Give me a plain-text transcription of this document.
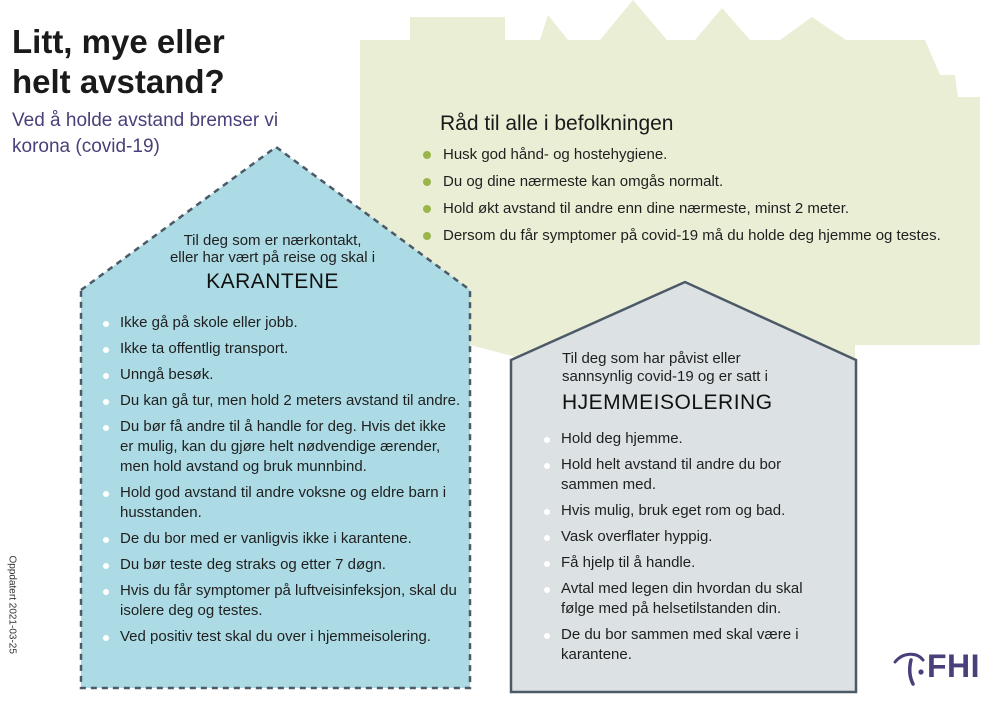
Litt, mye eller
helt avstand?
Ved å holde avstand bremser vi
korona (covid-19)
Råd til alle i befolkningen
Husk god hånd- og hostehygiene.
Du og dine nærmeste kan omgås normalt.
Hold økt avstand til andre enn dine nærmeste, minst 2 meter.
Dersom du får symptomer på covid-19 må du holde deg hjemme og testes.
Til deg som er nærkontakt,
eller har vært på reise og skal i
KARANTENE
Ikke gå på skole eller jobb.
Ikke ta offentlig transport.
Unngå besøk.
Du kan gå tur, men hold 2 meters avstand til andre.
Du bør få andre til å handle for deg. Hvis det ikke er mulig, kan du gjøre helt nødvendige ærender, men hold avstand og bruk munnbind.
Hold god avstand til andre voksne og eldre barn i husstanden.
De du bor med er vanligvis ikke i karantene.
Du bør teste deg straks og etter 7 døgn.
Hvis du får symptomer på luftveisinfeksjon, skal du isolere deg og testes.
Ved positiv test skal du over i hjemmeisolering.
Til deg som har påvist eller
sannsynlig covid-19 og er satt i
HJEMMEISOLERING
Hold deg hjemme.
Hold helt avstand til andre du bor sammen med.
Hvis mulig, bruk eget rom og bad.
Vask overflater hyppig.
Få hjelp til å handle.
Avtal med legen din hvordan du skal følge med på helsetilstanden din.
De du bor sammen med skal være i karantene.
Oppdatert 2021-03-25
FHI
